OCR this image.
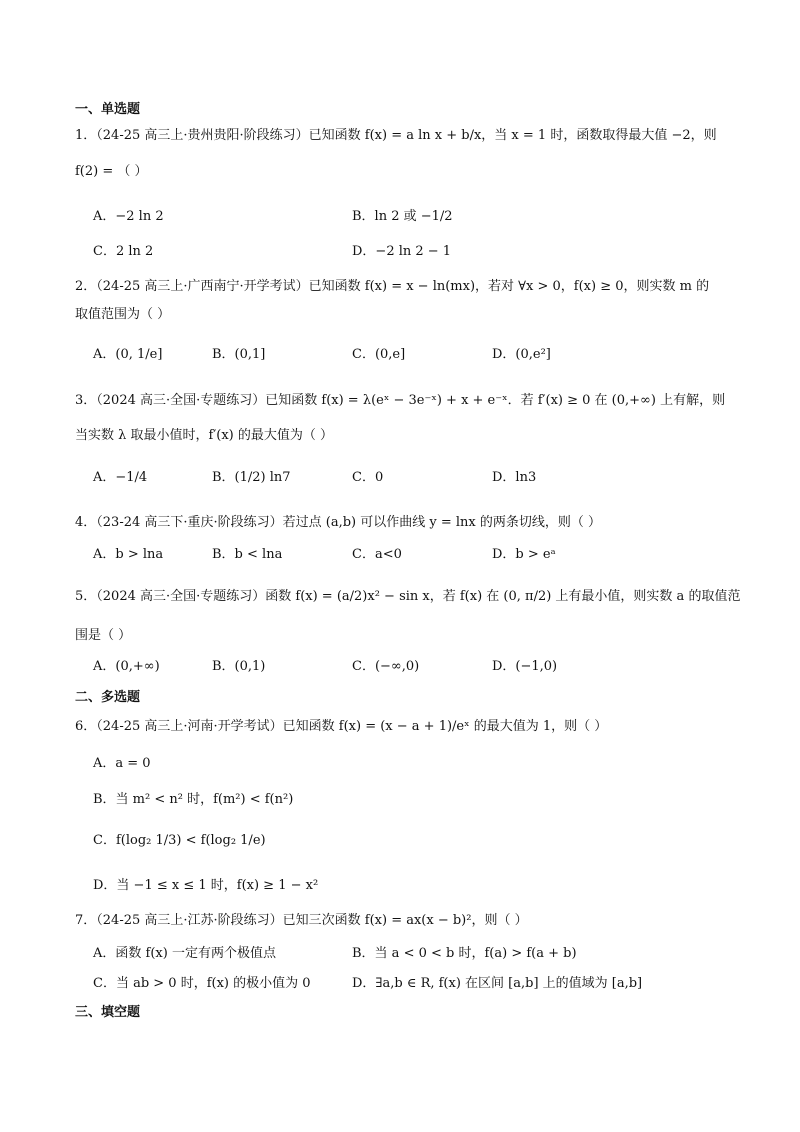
一、单选题
1．（24-25 高三上·贵州贵阳·阶段练习）已知函数 f(x) = a ln x + b/x，当 x = 1 时，函数取得最大值 −2，则
f(2) = （ ）
A．−2 ln 2	B．ln 2 或 −1/2
C．2 ln 2	D．−2 ln 2 − 1
2．（24-25 高三上·广西南宁·开学考试）已知函数 f(x) = x − ln(mx)，若对 ∀x > 0，f(x) ≥ 0，则实数 m 的
取值范围为（ ）
A．(0, 1/e]	B．(0,1]	C．(0,e]	D．(0,e²]
3．（2024 高三·全国·专题练习）已知函数 f(x) = λ(eˣ − 3e⁻ˣ) + x + e⁻ˣ．若 f′(x) ≥ 0 在 (0,+∞) 上有解，则
当实数 λ 取最小值时，f′(x) 的最大值为（ ）
A．−1/4	B．(1/2) ln7	C．0	D．ln3
4．（23-24 高三下·重庆·阶段练习）若过点 (a,b) 可以作曲线 y = lnx 的两条切线，则（ ）
A．b > lna	B．b < lna	C．a<0	D．b > eᵃ
5．（2024 高三·全国·专题练习）函数 f(x) = (a/2)x² − sin x，若 f(x) 在 (0, π/2) 上有最小值，则实数 a 的取值范
围是（ ）
A．(0,+∞)	B．(0,1)	C．(−∞,0)	D．(−1,0)
二、多选题
6．（24-25 高三上·河南·开学考试）已知函数 f(x) = (x − a + 1)/eˣ 的最大值为 1，则（ ）
A．a = 0
B．当 m² < n² 时，f(m²) < f(n²)
C．f(log₂ 1/3) < f(log₂ 1/e)
D．当 −1 ≤ x ≤ 1 时，f(x) ≥ 1 − x²
7．（24-25 高三上·江苏·阶段练习）已知三次函数 f(x) = ax(x − b)²，则（ ）
A．函数 f(x) 一定有两个极值点	B．当 a < 0 < b 时，f(a) > f(a + b)
C．当 ab > 0 时，f(x) 的极小值为 0	D．∃a,b ∈ R, f(x) 在区间 [a,b] 上的值域为 [a,b]
三、填空题
